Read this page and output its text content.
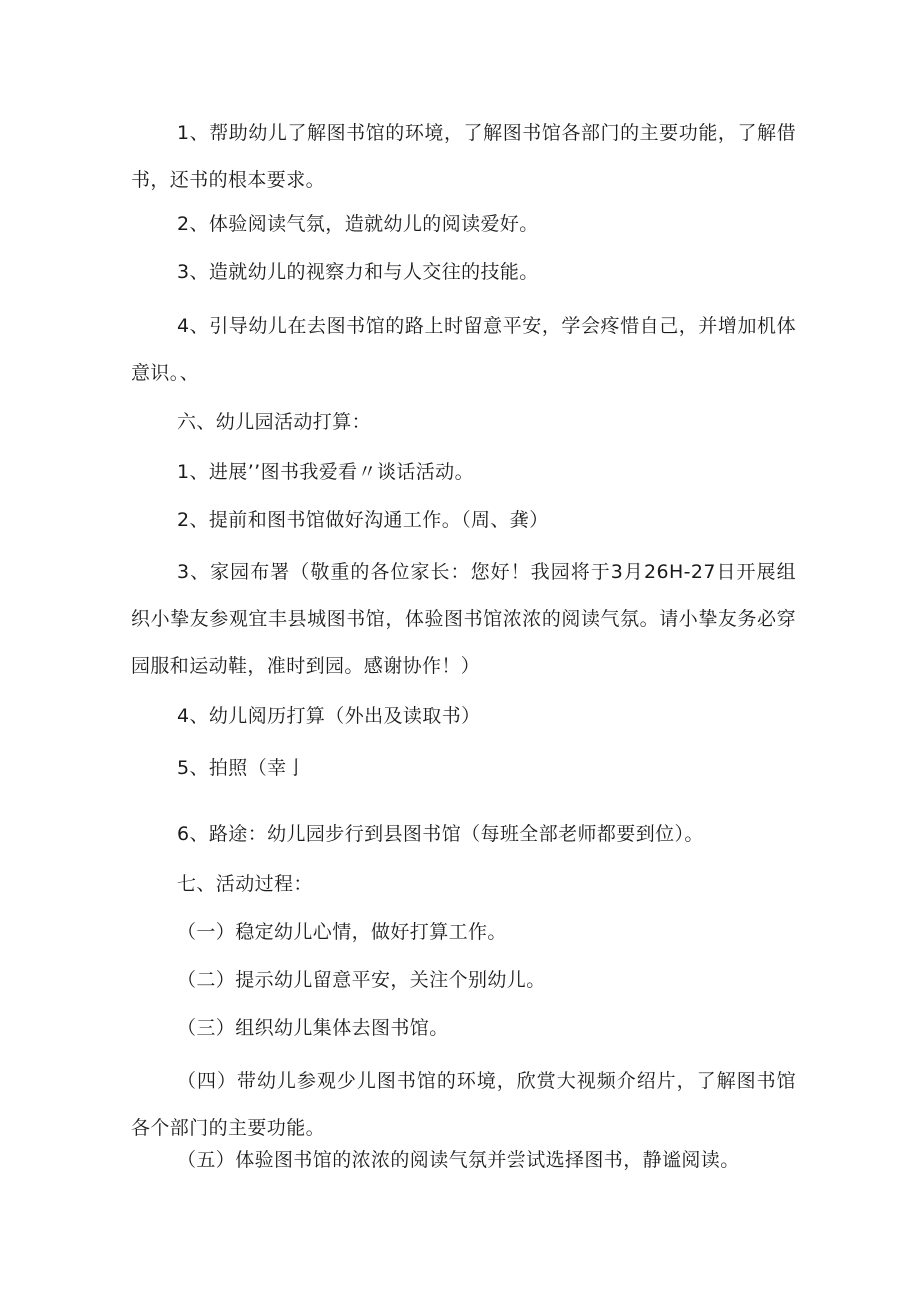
1、帮助幼儿了解图书馆的环境，了解图书馆各部门的主要功能，了解借书，还书的根本要求。
2、体验阅读气氛，造就幼儿的阅读爱好。
3、造就幼儿的视察力和与人交往的技能。
4、引导幼儿在去图书馆的路上时留意平安，学会疼惜自己，并增加机体意识。、
六、幼儿园活动打算：
1、进展’’图书我爱看〃谈话活动。
2、提前和图书馆做好沟通工作。（周、龚）
3、家园布署（敬重的各位家长：您好！我园将于3月26H-27日开展组织小挚友参观宜丰县城图书馆，体验图书馆浓浓的阅读气氛。请小挚友务必穿园服和运动鞋，准时到园。感谢协作！）
4、幼儿阅历打算（外出及读取书）
5、拍照（幸亅
6、路途：幼儿园步行到县图书馆（每班全部老师都要到位）。
七、活动过程：
（一）稳定幼儿心情，做好打算工作。
（二）提示幼儿留意平安，关注个别幼儿。
（三）组织幼儿集体去图书馆。
（四）带幼儿参观少儿图书馆的环境，欣赏大视频介绍片，了解图书馆各个部门的主要功能。
（五）体验图书馆的浓浓的阅读气氛并尝试选择图书，静谧阅读。
